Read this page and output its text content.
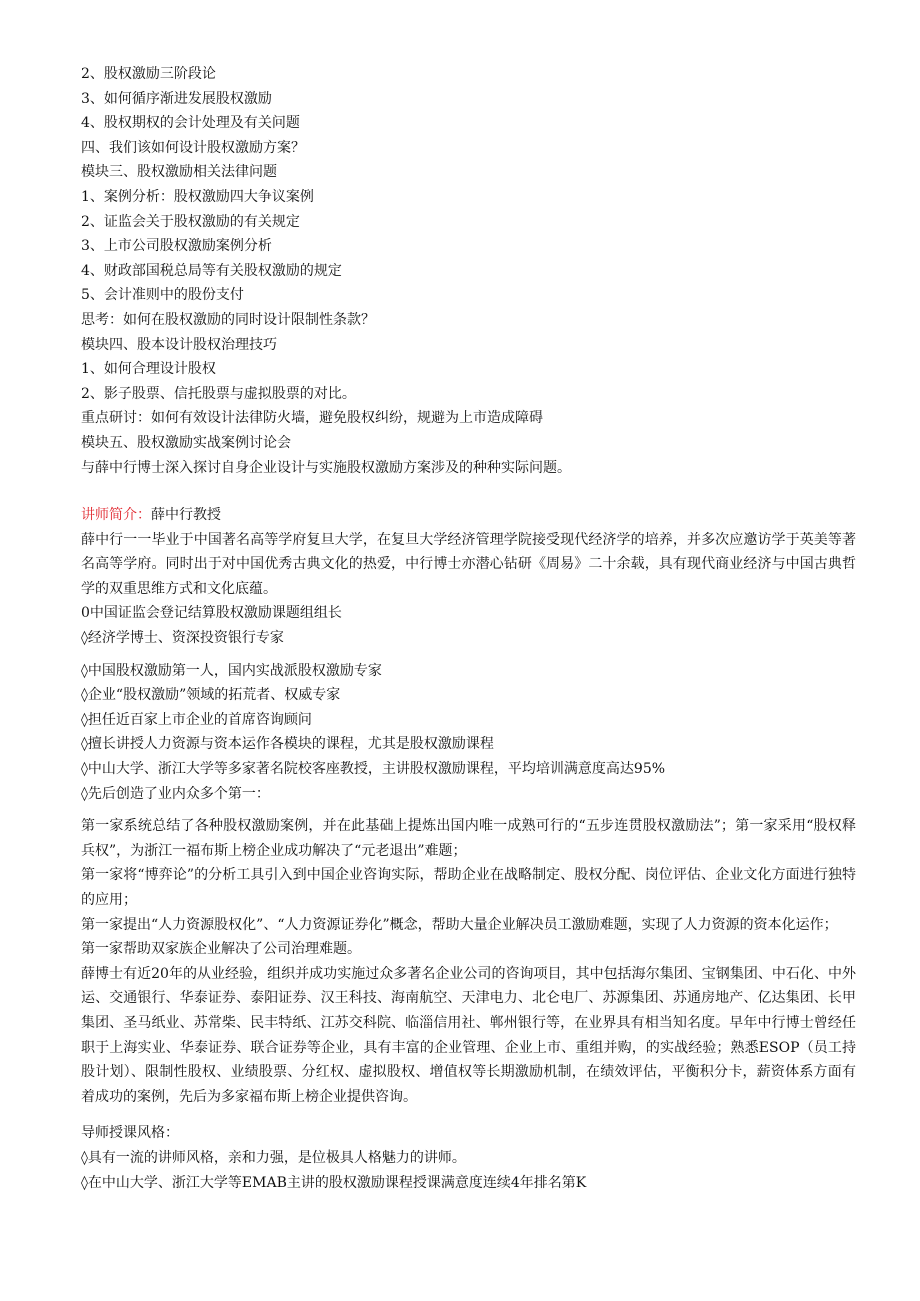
2、股权激励三阶段论
3、如何循序渐进发展股权激励
4、股权期权的会计处理及有关问题
四、我们该如何设计股权激励方案？
模块三、股权激励相关法律问题
1、案例分析：股权激励四大争议案例
2、证监会关于股权激励的有关规定
3、上市公司股权激励案例分析
4、财政部国税总局等有关股权激励的规定
5、会计准则中的股份支付
思考：如何在股权激励的同时设计限制性条款？
模块四、股本设计股权治理技巧
1、如何合理设计股权
2、影子股票、信托股票与虚拟股票的对比。
重点研讨：如何有效设计法律防火墙，避免股权纠纷，规避为上市造成障碍
模块五、股权激励实战案例讨论会
与薛中行博士深入探讨自身企业设计与实施股权激励方案涉及的种种实际问题。
讲师简介：薛中行教授
薛中行一一毕业于中国著名高等学府复旦大学，在复旦大学经济管理学院接受现代经济学的培养，并多次应邀访学于英美等著名高等学府。同时出于对中国优秀古典文化的热爱，中行博士亦潜心钻研《周易》二十余载，具有现代商业经济与中国古典哲学的双重思维方式和文化底蕴。
0中国证监会登记结算股权激励课题组组长
◊经济学博士、资深投资银行专家
◊中国股权激励第一人，国内实战派股权激励专家
◊企业“股权激励”领域的拓荒者、权威专家
◊担任近百家上市企业的首席咨询顾问
◊擅长讲授人力资源与资本运作各模块的课程，尤其是股权激励课程
◊中山大学、浙江大学等多家著名院校客座教授，主讲股权激励课程，平均培训满意度高达95%
◊先后创造了业内众多个第一：
第一家系统总结了各种股权激励案例，并在此基础上提炼出国内唯一成熟可行的“五步连贯股权激励法”；第一家采用“股权释兵权”，为浙江一福布斯上榜企业成功解决了“元老退出”难题；
第一家将“博弈论”的分析工具引入到中国企业咨询实际，帮助企业在战略制定、股权分配、岗位评估、企业文化方面进行独特的应用；
第一家提出“人力资源股权化”、“人力资源证券化”概念，帮助大量企业解决员工激励难题，实现了人力资源的资本化运作；
第一家帮助双家族企业解决了公司治理难题。
薛博士有近20年的从业经验，组织并成功实施过众多著名企业公司的咨询项目，其中包括海尔集团、宝钢集团、中石化、中外运、交通银行、华泰证券、泰阳证券、汉王科技、海南航空、天津电力、北仑电厂、苏源集团、苏通房地产、亿达集团、长甲集团、圣马纸业、苏常柴、民丰特纸、江苏交科院、临淄信用社、郸州银行等，在业界具有相当知名度。早年中行博士曾经任职于上海实业、华泰证券、联合证券等企业，具有丰富的企业管理、企业上市、重组并购，的实战经验；熟悉ESOP（员工持股计划）、限制性股权、业绩股票、分红权、虚拟股权、增值权等长期激励机制，在绩效评估，平衡积分卡，薪资体系方面有着成功的案例，先后为多家福布斯上榜企业提供咨询。
导师授课风格：
◊具有一流的讲师风格，亲和力强，是位极具人格魅力的讲师。
◊在中山大学、浙江大学等EMAB主讲的股权激励课程授课满意度连续4年排名第K
